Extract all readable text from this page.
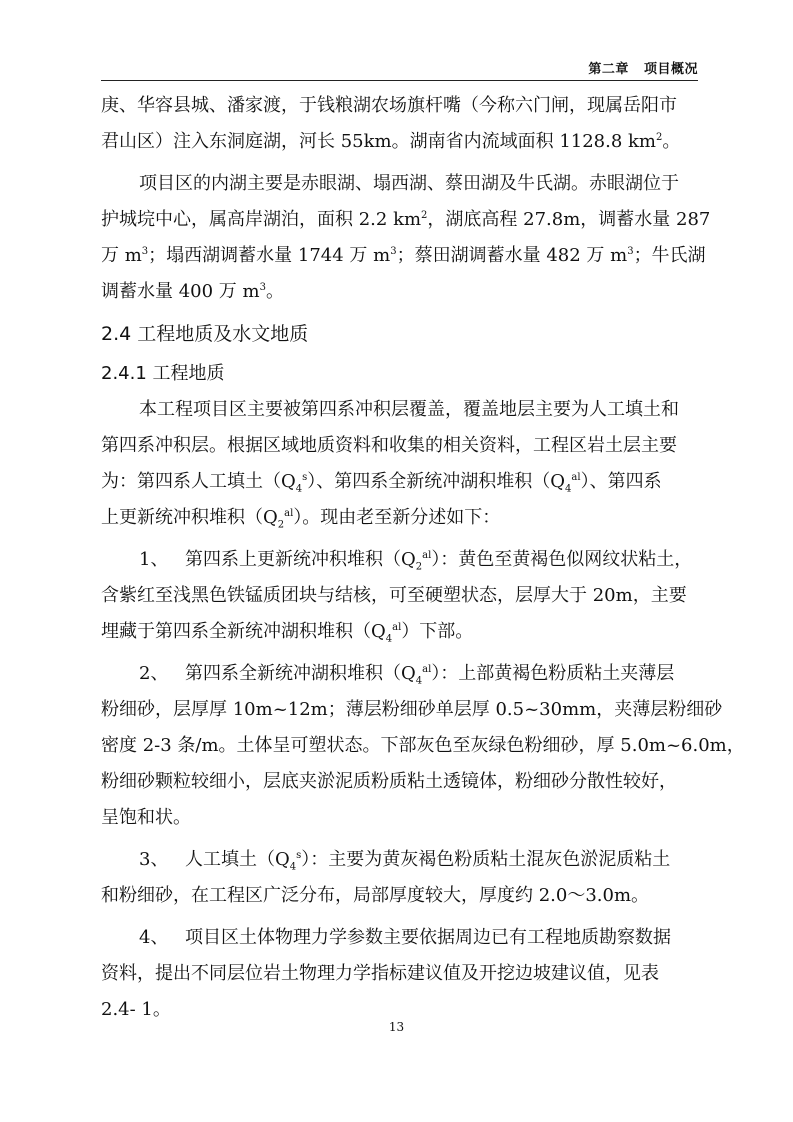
第二章 项目概况
庚、华容县城、潘家渡，于钱粮湖农场旗杆嘴（今称六门闸，现属岳阳市
君山区）注入东洞庭湖，河长 55km。湖南省内流域面积 1128.8 $km^2$。
项目区的内湖主要是赤眼湖、塌西湖、蔡田湖及牛氏湖。赤眼湖位于
护城垸中心，属高岸湖泊，面积 2.2 $km^2$，湖底高程 27.8m，调蓄水量 287
万 $m^3$；塌西湖调蓄水量 1744 万 $m^3$；蔡田湖调蓄水量 482 万 $m^3$；牛氏湖
调蓄水量 400 万 $m^3$。
2.4 工程地质及水文地质
2.4.1 工程地质
本工程项目区主要被第四系冲积层覆盖，覆盖地层主要为人工填土和
第四系冲积层。根据区域地质资料和收集的相关资料，工程区岩土层主要
为：第四系人工填土$(Q_4^s)$、第四系全新统冲湖积堆积$(Q_4^{al})$、第四系
上更新统冲积堆积$(Q_2^{al})$。现由老至新分述如下：
1、 第四系上更新统冲积堆积$(Q_2^{al})$：黄色至黄褐色似网纹状粘土，
含紫红至浅黑色铁锰质团块与结核，可至硬塑状态，层厚大于 20m，主要
埋藏于第四系全新统冲湖积堆积$(Q_4^{al})$下部。
2、 第四系全新统冲湖积堆积$(Q_4^{al})$：上部黄褐色粉质粘土夹薄层
粉细砂，层厚厚 10m~12m；薄层粉细砂单层厚 0.5~30mm，夹薄层粉细砂
密度 2-3 条/m。土体呈可塑状态。下部灰色至灰绿色粉细砂，厚 5.0m~6.0m，
粉细砂颗粒较细小，层底夹淤泥质粉质粘土透镜体，粉细砂分散性较好，
呈饱和状。
3、 人工填土$(Q_4^s)$：主要为黄灰褐色粉质粘土混灰色淤泥质粘土
和粉细砂，在工程区广泛分布，局部厚度较大，厚度约 2.0～3.0m。
4、 项目区土体物理力学参数主要依据周边已有工程地质勘察数据
资料，提出不同层位岩土物理力学指标建议值及开挖边坡建议值，见表
2.4- 1。
13
